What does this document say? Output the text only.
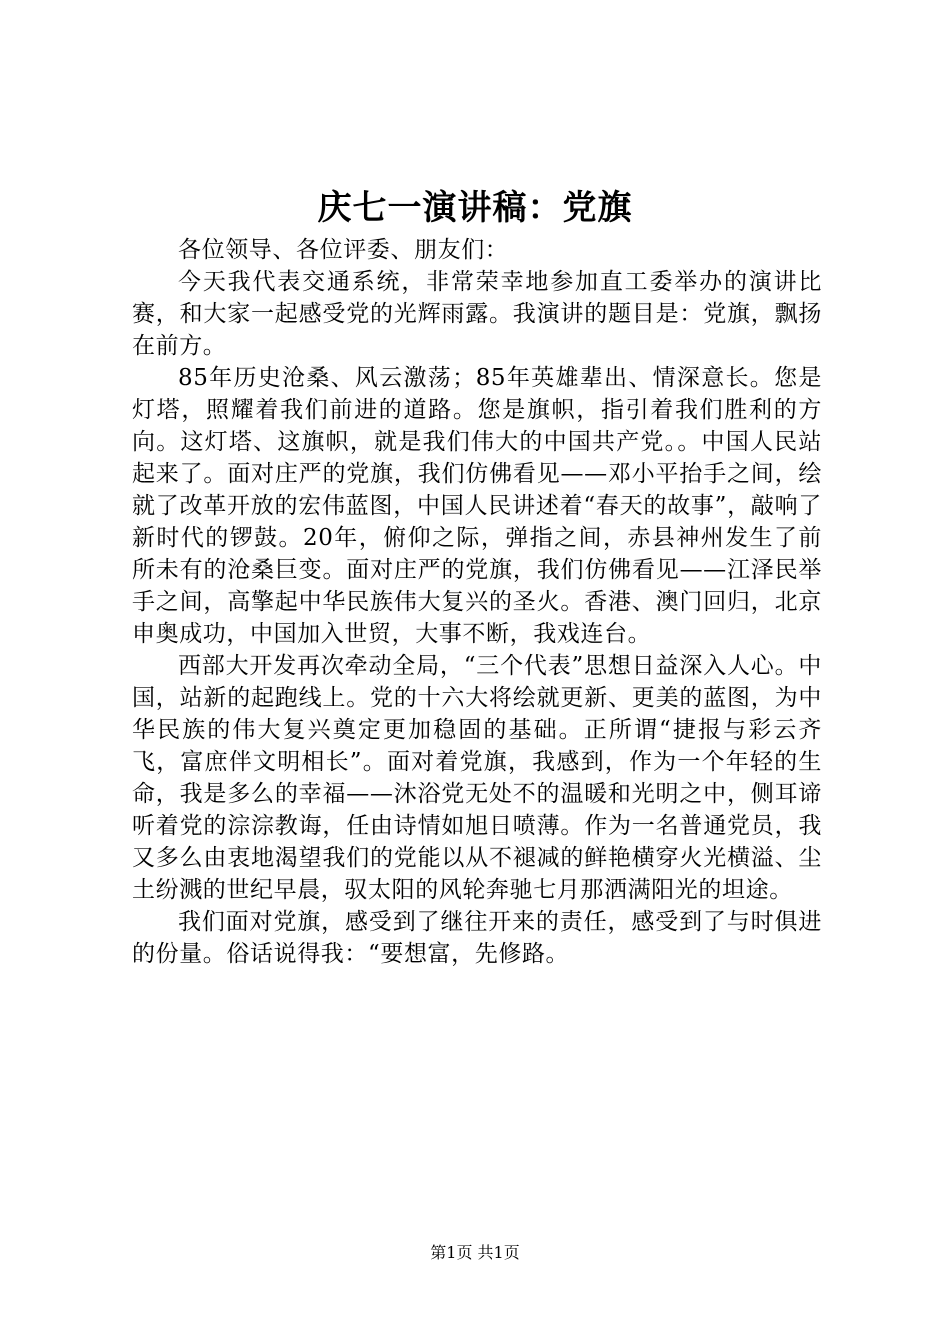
庆七一演讲稿：党旗

各位领导、各位评委、朋友们：

今天我代表交通系统，非常荣幸地参加直工委举办的演讲比赛，和大家一起感受党的光辉雨露。我演讲的题目是：党旗，飘扬在前方。

85年历史沧桑、风云激荡；85年英雄辈出、情深意长。您是灯塔，照耀着我们前进的道路。您是旗帜，指引着我们胜利的方向。这灯塔、这旗帜，就是我们伟大的中国共产党。。中国人民站起来了。面对庄严的党旗，我们仿佛看见——邓小平抬手之间，绘就了改革开放的宏伟蓝图，中国人民讲述着“春天的故事”，敲响了新时代的锣鼓。20年，俯仰之际，弹指之间，赤县神州发生了前所未有的沧桑巨变。面对庄严的党旗，我们仿佛看见——江泽民举手之间，高擎起中华民族伟大复兴的圣火。香港、澳门回归，北京申奥成功，中国加入世贸，大事不断，我戏连台。

西部大开发再次牵动全局，“三个代表”思想日益深入人心。中国，站新的起跑线上。党的十六大将绘就更新、更美的蓝图，为中华民族的伟大复兴奠定更加稳固的基础。正所谓“捷报与彩云齐飞，富庶伴文明相长”。面对着党旗，我感到，作为一个年轻的生命，我是多么的幸福——沐浴党无处不的温暖和光明之中，侧耳谛听着党的淙淙教诲，任由诗情如旭日喷薄。作为一名普通党员，我又多么由衷地渴望我们的党能以从不褪减的鲜艳横穿火光横溢、尘土纷溅的世纪早晨，驭太阳的风轮奔驰七月那洒满阳光的坦途。

我们面对党旗，感受到了继往开来的责任，感受到了与时俱进的份量。俗话说得我：“要想富，先修路。

第1页 共1页
